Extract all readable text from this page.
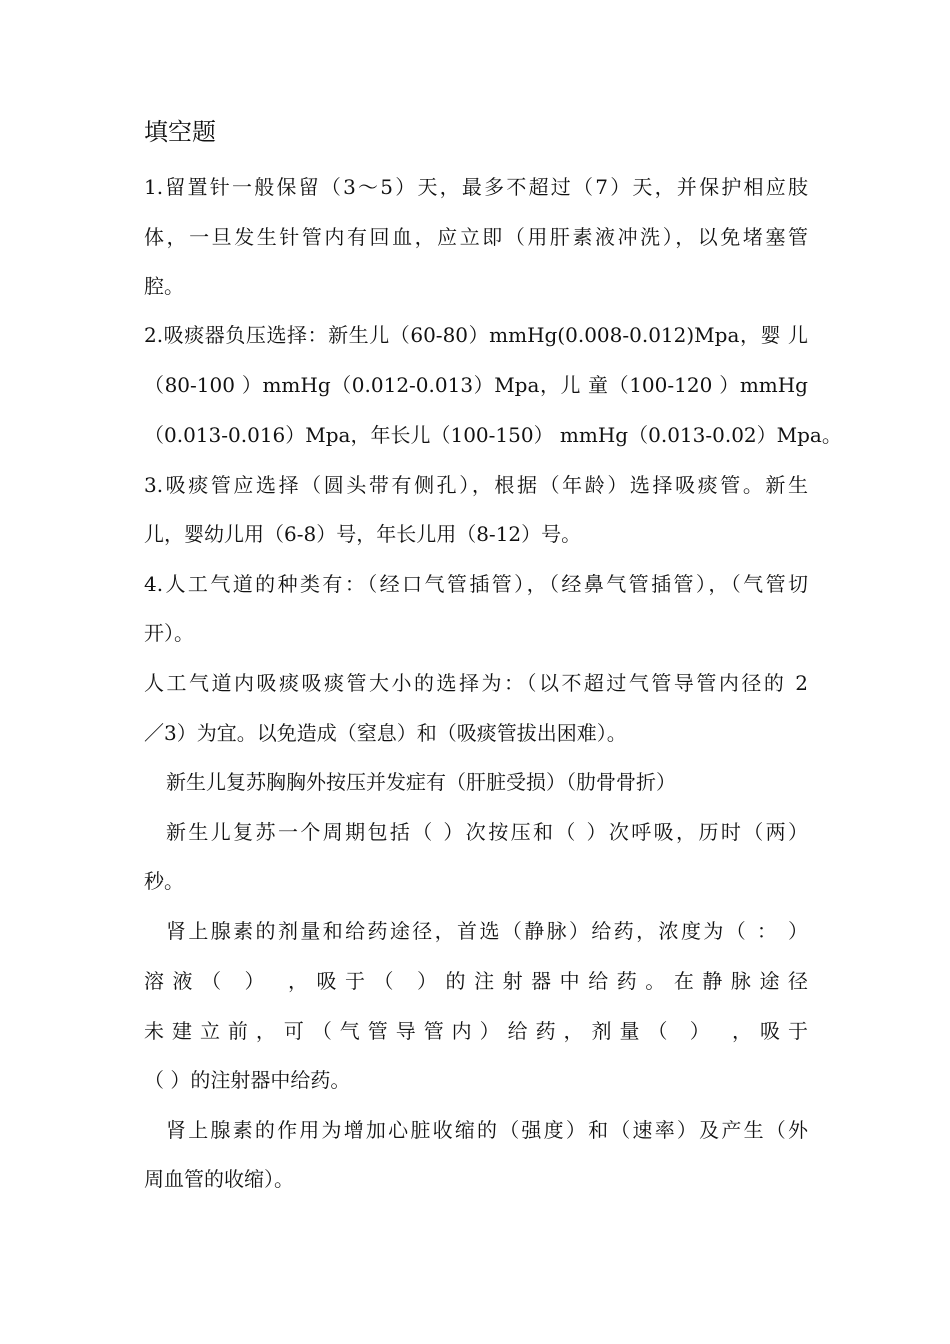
填空题
1.留置针一般保留（3～5）天，最多不超过（7）天，并保护相应肢
体，一旦发生针管内有回血，应立即（用肝素液冲洗），以免堵塞管
腔。
2.吸痰器负压选择：新生儿（60-80）mmHg(0.008-0.012)Mpa，婴 儿
（80-100 ）mmHg（0.012-0.013）Mpa，儿 童（100-120 ）mmHg
（0.013-0.016）Mpa，年长儿（100-150） mmHg（0.013-0.02）Mpa。
3.吸痰管应选择（圆头带有侧孔），根据（年龄）选择吸痰管。新生
儿，婴幼儿用（6-8）号，年长儿用（8-12）号。
4.人工气道的种类有：（经口气管插管），（经鼻气管插管），（气管切
开）。
人工气道内吸痰吸痰管大小的选择为：（以不超过气管导管内径的 2
／3）为宜。以免造成（窒息）和（吸痰管拔出困难）。
新生儿复苏胸胸外按压并发症有（肝脏受损）（肋骨骨折）
新生儿复苏一个周期包括（ ）次按压和（ ）次呼吸，历时（两）
秒。
肾上腺素的剂量和给药途径，首选（静脉）给药，浓度为（ ： ）
溶液（ ） ，吸于（ ）的注射器中给药。在静脉途径
未建立前，可（气管导管内）给药，剂量（ ） ，吸于
（ ）的注射器中给药。
肾上腺素的作用为增加心脏收缩的（强度）和（速率）及产生（外
周血管的收缩）。
